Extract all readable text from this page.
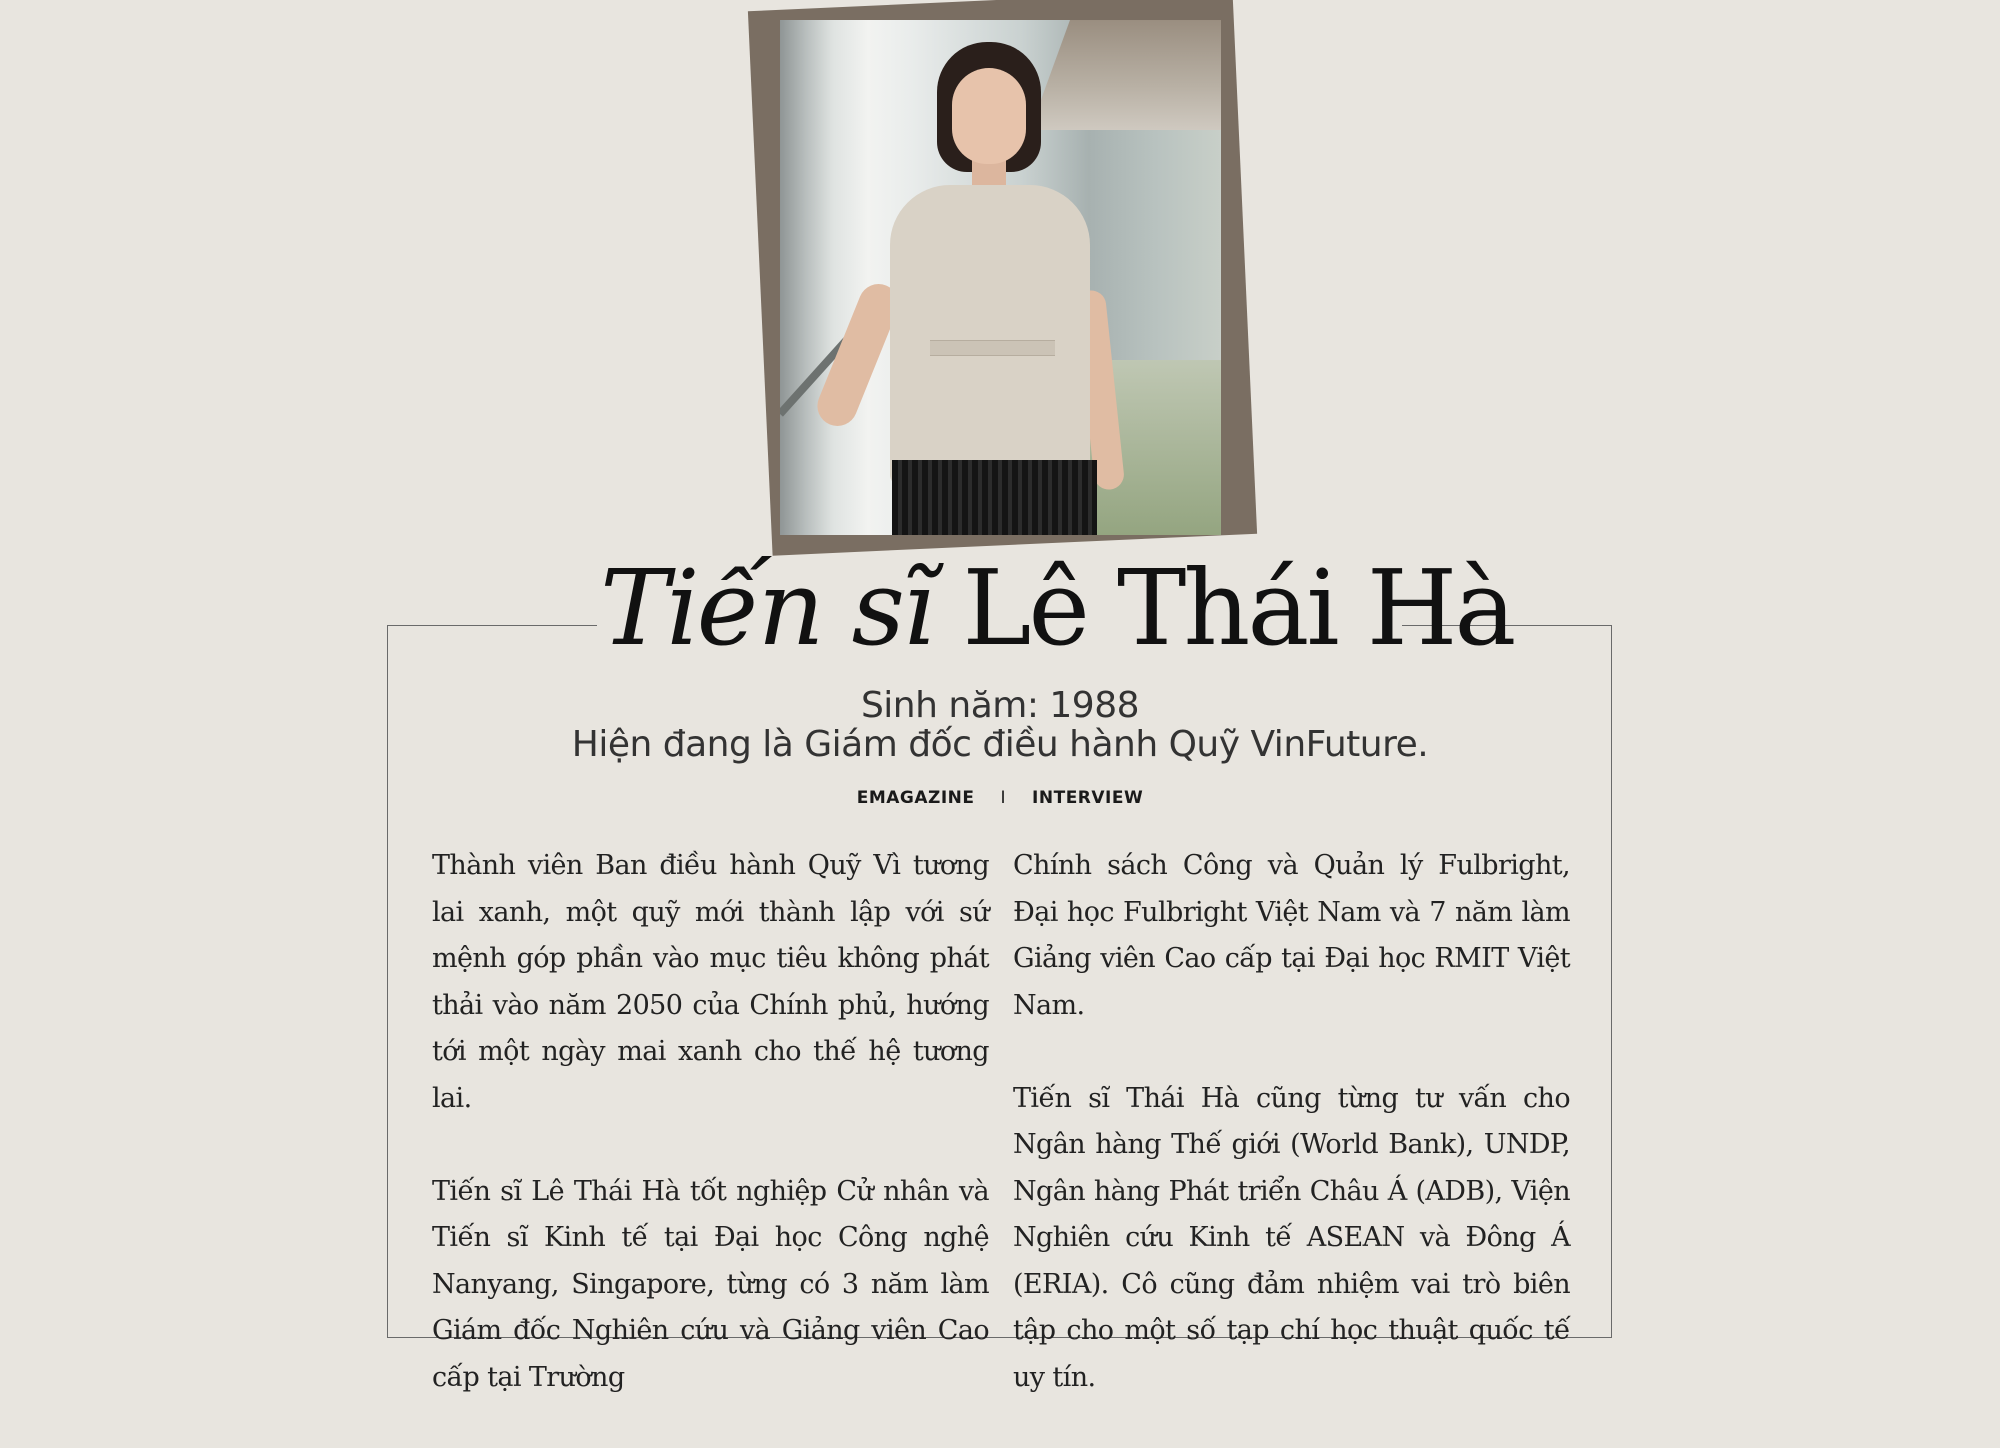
Tiến sĩ Lê Thái Hà
Sinh năm: 1988
Hiện đang là Giám đốc điều hành Quỹ VinFuture.
EMAGAZINE I INTERVIEW

Thành viên Ban điều hành Quỹ Vì tương lai xanh, một quỹ mới thành lập với sứ mệnh góp phần vào mục tiêu không phát thải vào năm 2050 của Chính phủ, hướng tới một ngày mai xanh cho thế hệ tương lai.

Tiến sĩ Lê Thái Hà tốt nghiệp Cử nhân và Tiến sĩ Kinh tế tại Đại học Công nghệ Nanyang, Singapore, từng có 3 năm làm Giám đốc Nghiên cứu và Giảng viên Cao cấp tại Trường

Chính sách Công và Quản lý Fulbright, Đại học Fulbright Việt Nam và 7 năm làm Giảng viên Cao cấp tại Đại học RMIT Việt Nam.

Tiến sĩ Thái Hà cũng từng tư vấn cho Ngân hàng Thế giới (World Bank), UNDP, Ngân hàng Phát triển Châu Á (ADB), Viện Nghiên cứu Kinh tế ASEAN và Đông Á (ERIA). Cô cũng đảm nhiệm vai trò biên tập cho một số tạp chí học thuật quốc tế uy tín.
